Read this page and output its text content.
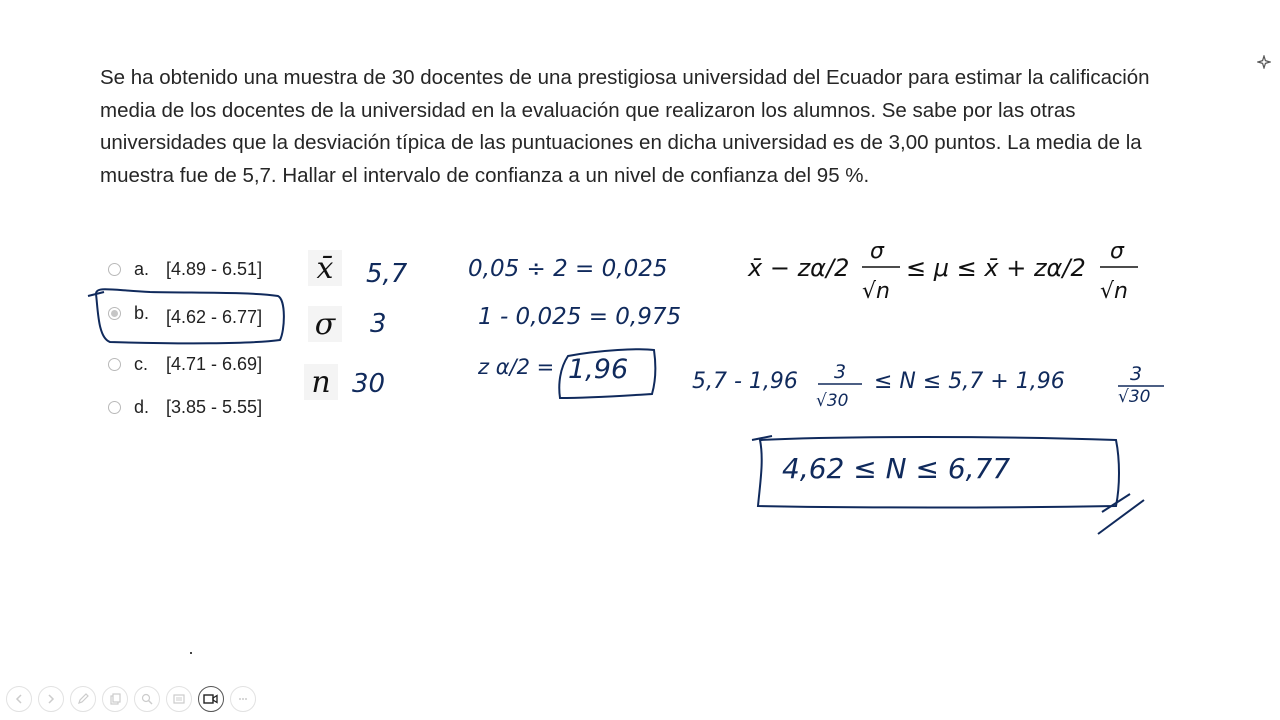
Se ha obtenido una muestra de 30 docentes de una prestigiosa universidad del Ecuador para estimar la calificación media de los docentes de la universidad en la evaluación que realizaron los alumnos. Se sabe por las otras universidades que la desviación típica de las puntuaciones en dicha universidad es de 3,00 puntos. La media de la muestra fue de 5,7. Hallar el intervalo de confianza a un nivel de confianza del 95 %.
a. [4.89 - 6.51]
b. [4.62 - 6.77]
c. [4.71 - 6.69]
d. [3.85 - 5.55]
x̄
σ
n
5,7
3
30
0,05 ÷ 2 = 0,025
1 - 0,025 = 0,975
z α/2 = 1,96
x̄ − zα/2
σ
√n
≤ μ ≤ x̄ + zα/2
σ
√n
5,7 - 1,96 3
√30
≤ N ≤ 5,7 + 1,96	3
√30
4,62 ≤ N ≤ 6,77
